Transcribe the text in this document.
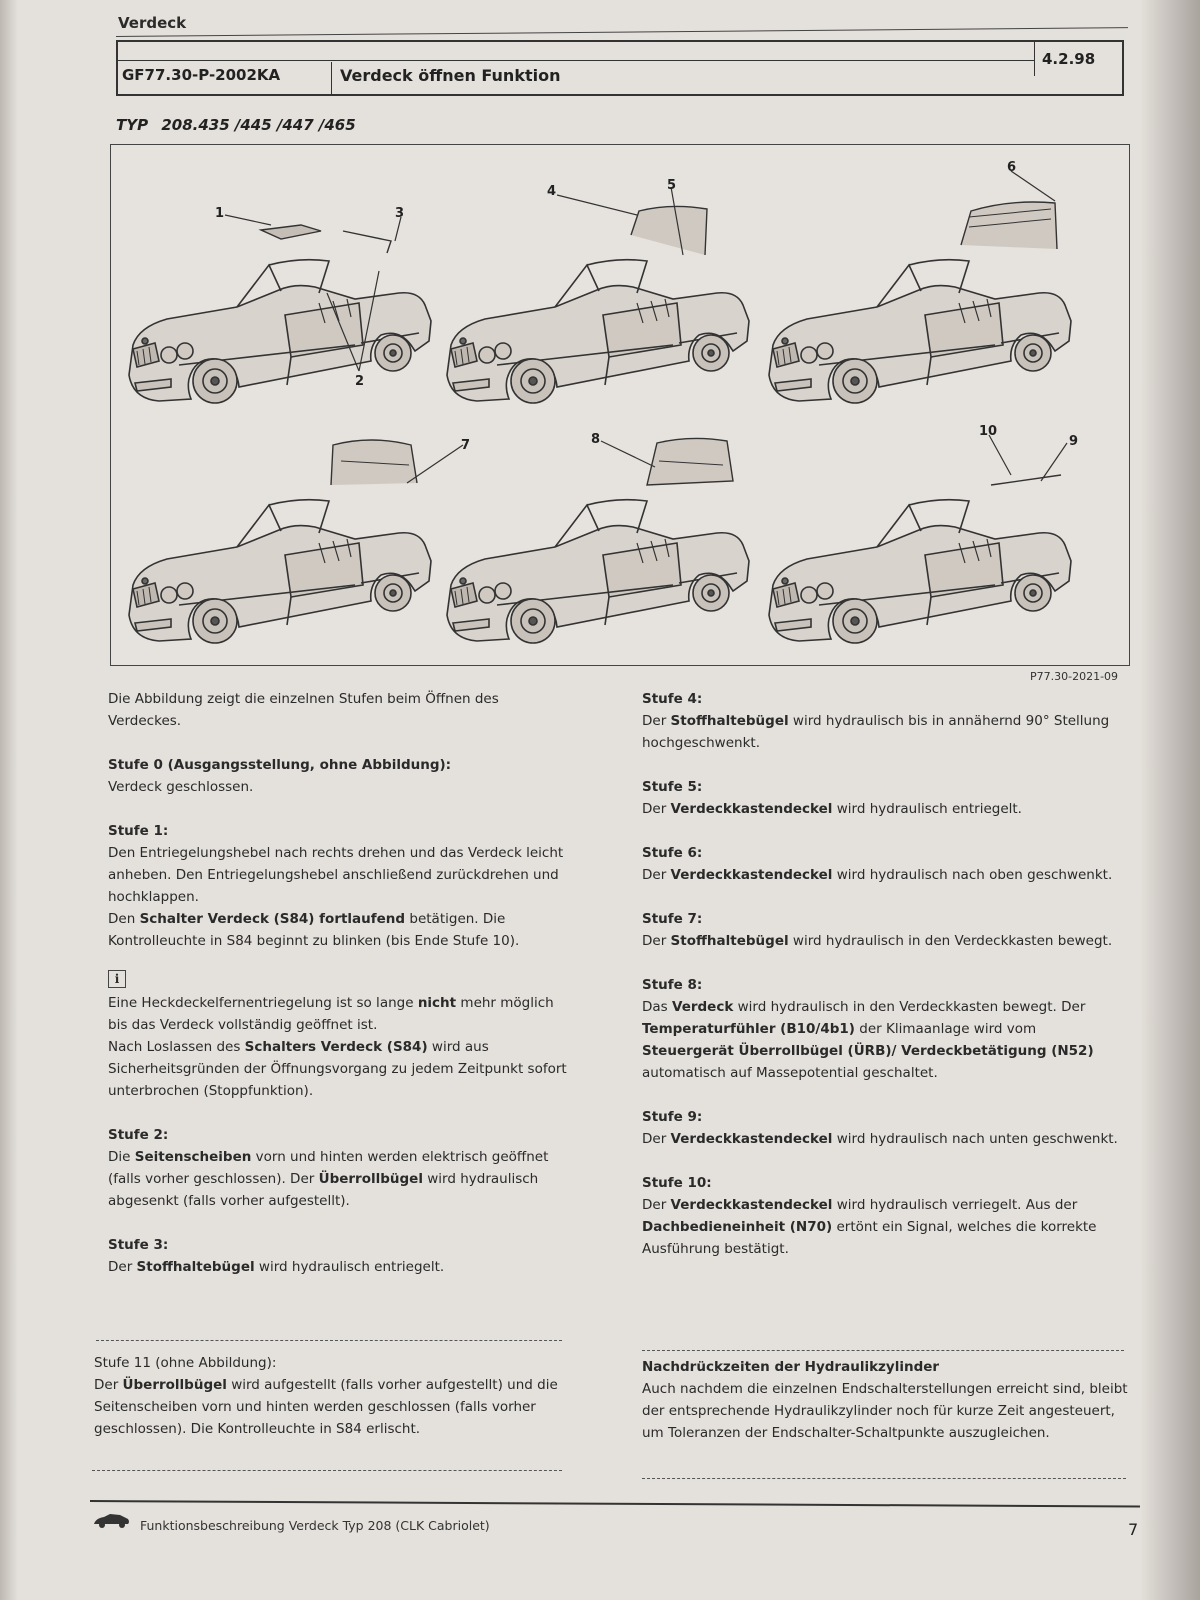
Verdeck
GF77.30-P-2002KA	Verdeck öffnen Funktion
4.2.98
TYP 208.435 /445 /447 /465
1
2
3
4	5
6
7	8	9
10
P77.30-2021-09

Die Abbildung zeigt die einzelnen Stufen beim Öffnen des Verdeckes.

Stufe 0 (Ausgangsstellung, ohne Abbildung):

Verdeck geschlossen.

Stufe 1:

Den Entriegelungshebel nach rechts drehen und das Verdeck leicht anheben. Den Entriegelungshebel anschließend zurückdrehen und hochklappen.

Den Schalter Verdeck (S84) fortlaufend betätigen. Die Kontrolleuchte in S84 beginnt zu blinken (bis Ende Stufe 10).

i

Eine Heckdeckelfernentriegelung ist so lange nicht mehr möglich bis das Verdeck vollständig geöffnet ist.

Nach Loslassen des Schalters Verdeck (S84) wird aus Sicherheitsgründen der Öffnungsvorgang zu jedem Zeitpunkt sofort unterbrochen (Stoppfunktion).

Stufe 2:

Die Seitenscheiben vorn und hinten werden elektrisch geöffnet (falls vorher geschlossen). Der Überrollbügel wird hydraulisch abgesenkt (falls vorher aufgestellt).

Stufe 3:

Der Stoffhaltebügel wird hydraulisch entriegelt.

Stufe 11 (ohne Abbildung):

Der Überrollbügel wird aufgestellt (falls vorher aufgestellt) und die Seitenscheiben vorn und hinten werden geschlossen (falls vorher geschlossen). Die Kontrolleuchte in S84 erlischt.

Stufe 4:

Der Stoffhaltebügel wird hydraulisch bis in annähernd 90° Stellung hochgeschwenkt.

Stufe 5:

Der Verdeckkastendeckel wird hydraulisch entriegelt.

Stufe 6:

Der Verdeckkastendeckel wird hydraulisch nach oben geschwenkt.

Stufe 7:

Der Stoffhaltebügel wird hydraulisch in den Verdeckkasten bewegt.

Stufe 8:

Das Verdeck wird hydraulisch in den Verdeckkasten bewegt. Der Temperaturfühler (B10/4b1) der Klimaanlage wird vom Steuergerät Überrollbügel (ÜRB)/ Verdeckbetätigung (N52) automatisch auf Massepotential geschaltet.

Stufe 9:

Der Verdeckkastendeckel wird hydraulisch nach unten geschwenkt.

Stufe 10:

Der Verdeckkastendeckel wird hydraulisch verriegelt. Aus der Dachbedieneinheit (N70) ertönt ein Signal, welches die korrekte Ausführung bestätigt.

Nachdrückzeiten der Hydraulikzylinder

Auch nachdem die einzelnen Endschalterstellungen erreicht sind, bleibt der entsprechende Hydraulikzylinder noch für kurze Zeit angesteuert, um Toleranzen der Endschalter-Schaltpunkte auszugleichen.

Funktionsbeschreibung Verdeck Typ 208 (CLK Cabriolet)	7
